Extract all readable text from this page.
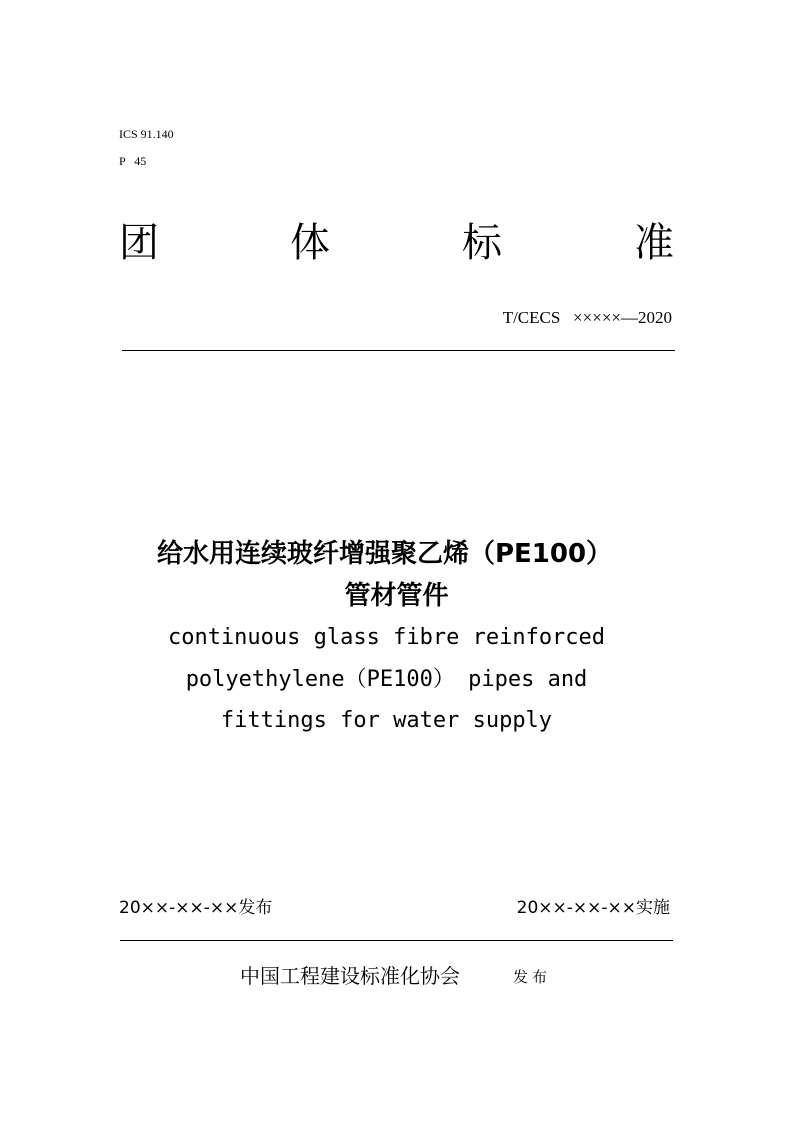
ICS 91.140
P   45
团	体	标	准
T/CECS   ×××××—2020
给水用连续玻纤增强聚乙烯（PE100）
管材管件
continuous glass fibre reinforced
polyethylene（PE100） pipes and
fittings for water supply
20××-××-××发布	20××-××-××实施
中国工程建设标准化协会	发布
